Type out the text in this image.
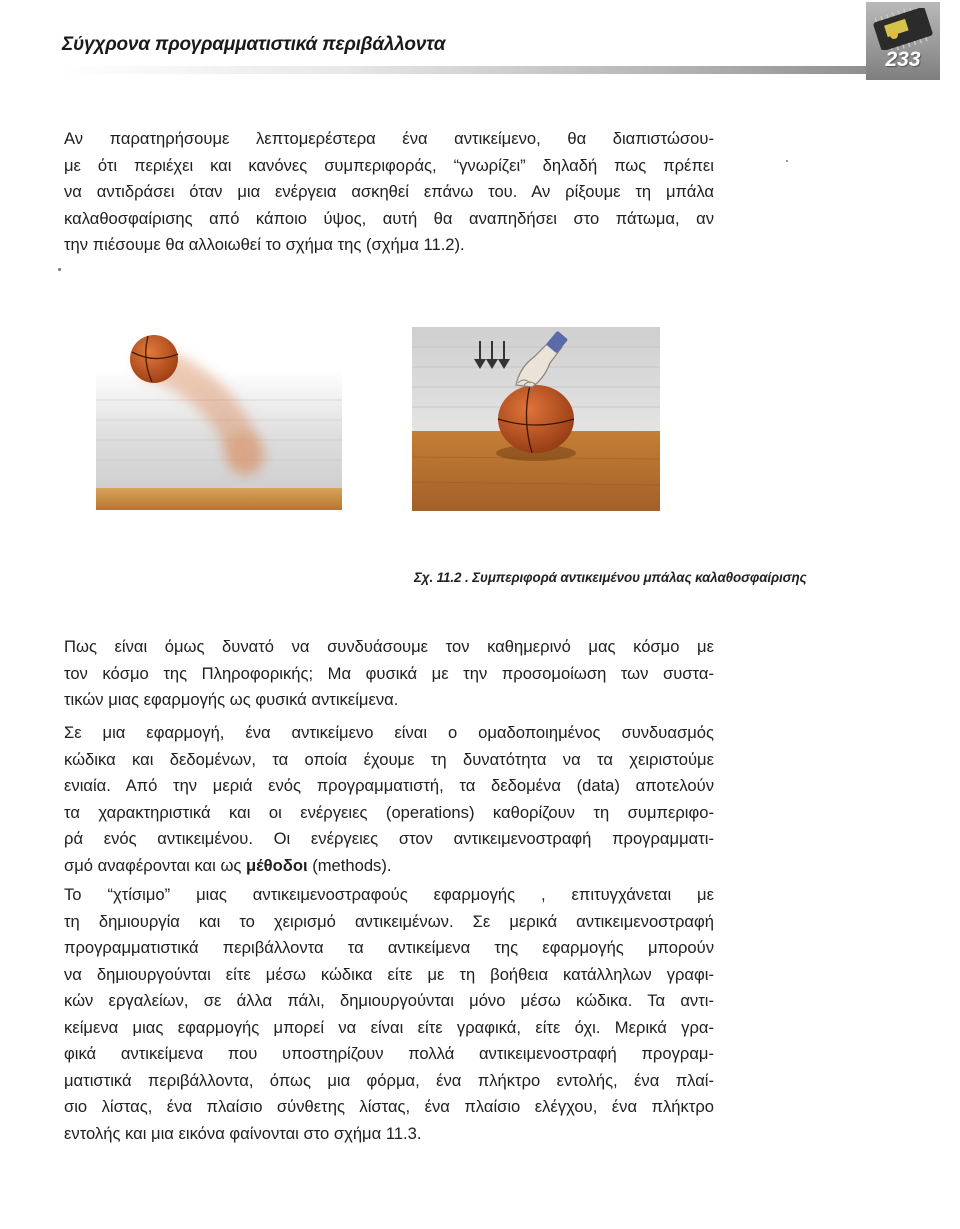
Σύγχρονα προγραμματιστικά περιβάλλοντα
233
Αν παρατηρήσουμε λεπτομερέστερα ένα αντικείμενο, θα διαπιστώσου-
με ότι περιέχει και κανόνες συμπεριφοράς, “γνωρίζει” δηλαδή πως πρέπει
να αντιδράσει όταν μια ενέργεια ασκηθεί επάνω του. Αν ρίξουμε τη μπάλα
καλαθοσφαίρισης από κάποιο ύψος, αυτή θα αναπηδήσει στο πάτωμα, αν
την πιέσουμε θα αλλοιωθεί το σχήμα της (σχήμα 11.2).
Σχ. 11.2 . Συμπεριφορά αντικειμένου μπάλας καλαθοσφαίρισης
Πως είναι όμως δυνατό να συνδυάσουμε τον καθημερινό μας κόσμο με
τον κόσμο της Πληροφορικής; Μα φυσικά με την προσομοίωση των συστα-
τικών μιας εφαρμογής ως φυσικά αντικείμενα.
Σε μια εφαρμογή, ένα αντικείμενο είναι ο ομαδοποιημένος συνδυασμός
κώδικα και δεδομένων, τα οποία έχουμε τη δυνατότητα να τα χειριστούμε
ενιαία. Από την μεριά ενός προγραμματιστή, τα δεδομένα (data) αποτελούν
τα χαρακτηριστικά και οι ενέργειες (operations) καθορίζουν τη συμπεριφο-
ρά ενός αντικειμένου. Οι ενέργειες στον αντικειμενοστραφή προγραμματι-
σμό αναφέρονται και ως μέθοδοι (methods).
Το “χτίσιμο” μιας αντικειμενοστραφούς εφαρμογής , επιτυγχάνεται με
τη δημιουργία και το χειρισμό αντικειμένων. Σε μερικά αντικειμενοστραφή
προγραμματιστικά περιβάλλοντα τα αντικείμενα της εφαρμογής μπορούν
να δημιουργούνται είτε μέσω κώδικα είτε με τη βοήθεια κατάλληλων γραφι-
κών εργαλείων, σε άλλα πάλι, δημιουργούνται μόνο μέσω κώδικα. Τα αντι-
κείμενα μιας εφαρμογής μπορεί να είναι είτε γραφικά, είτε όχι. Μερικά γρα-
φικά αντικείμενα που υποστηρίζουν πολλά αντικειμενοστραφή προγραμ-
ματιστικά περιβάλλοντα, όπως μια φόρμα, ένα πλήκτρο εντολής, ένα πλαί-
σιο λίστας, ένα πλαίσιο σύνθετης λίστας, ένα πλαίσιο ελέγχου, ένα πλήκτρο
εντολής και μια εικόνα φαίνονται στο σχήμα 11.3.
